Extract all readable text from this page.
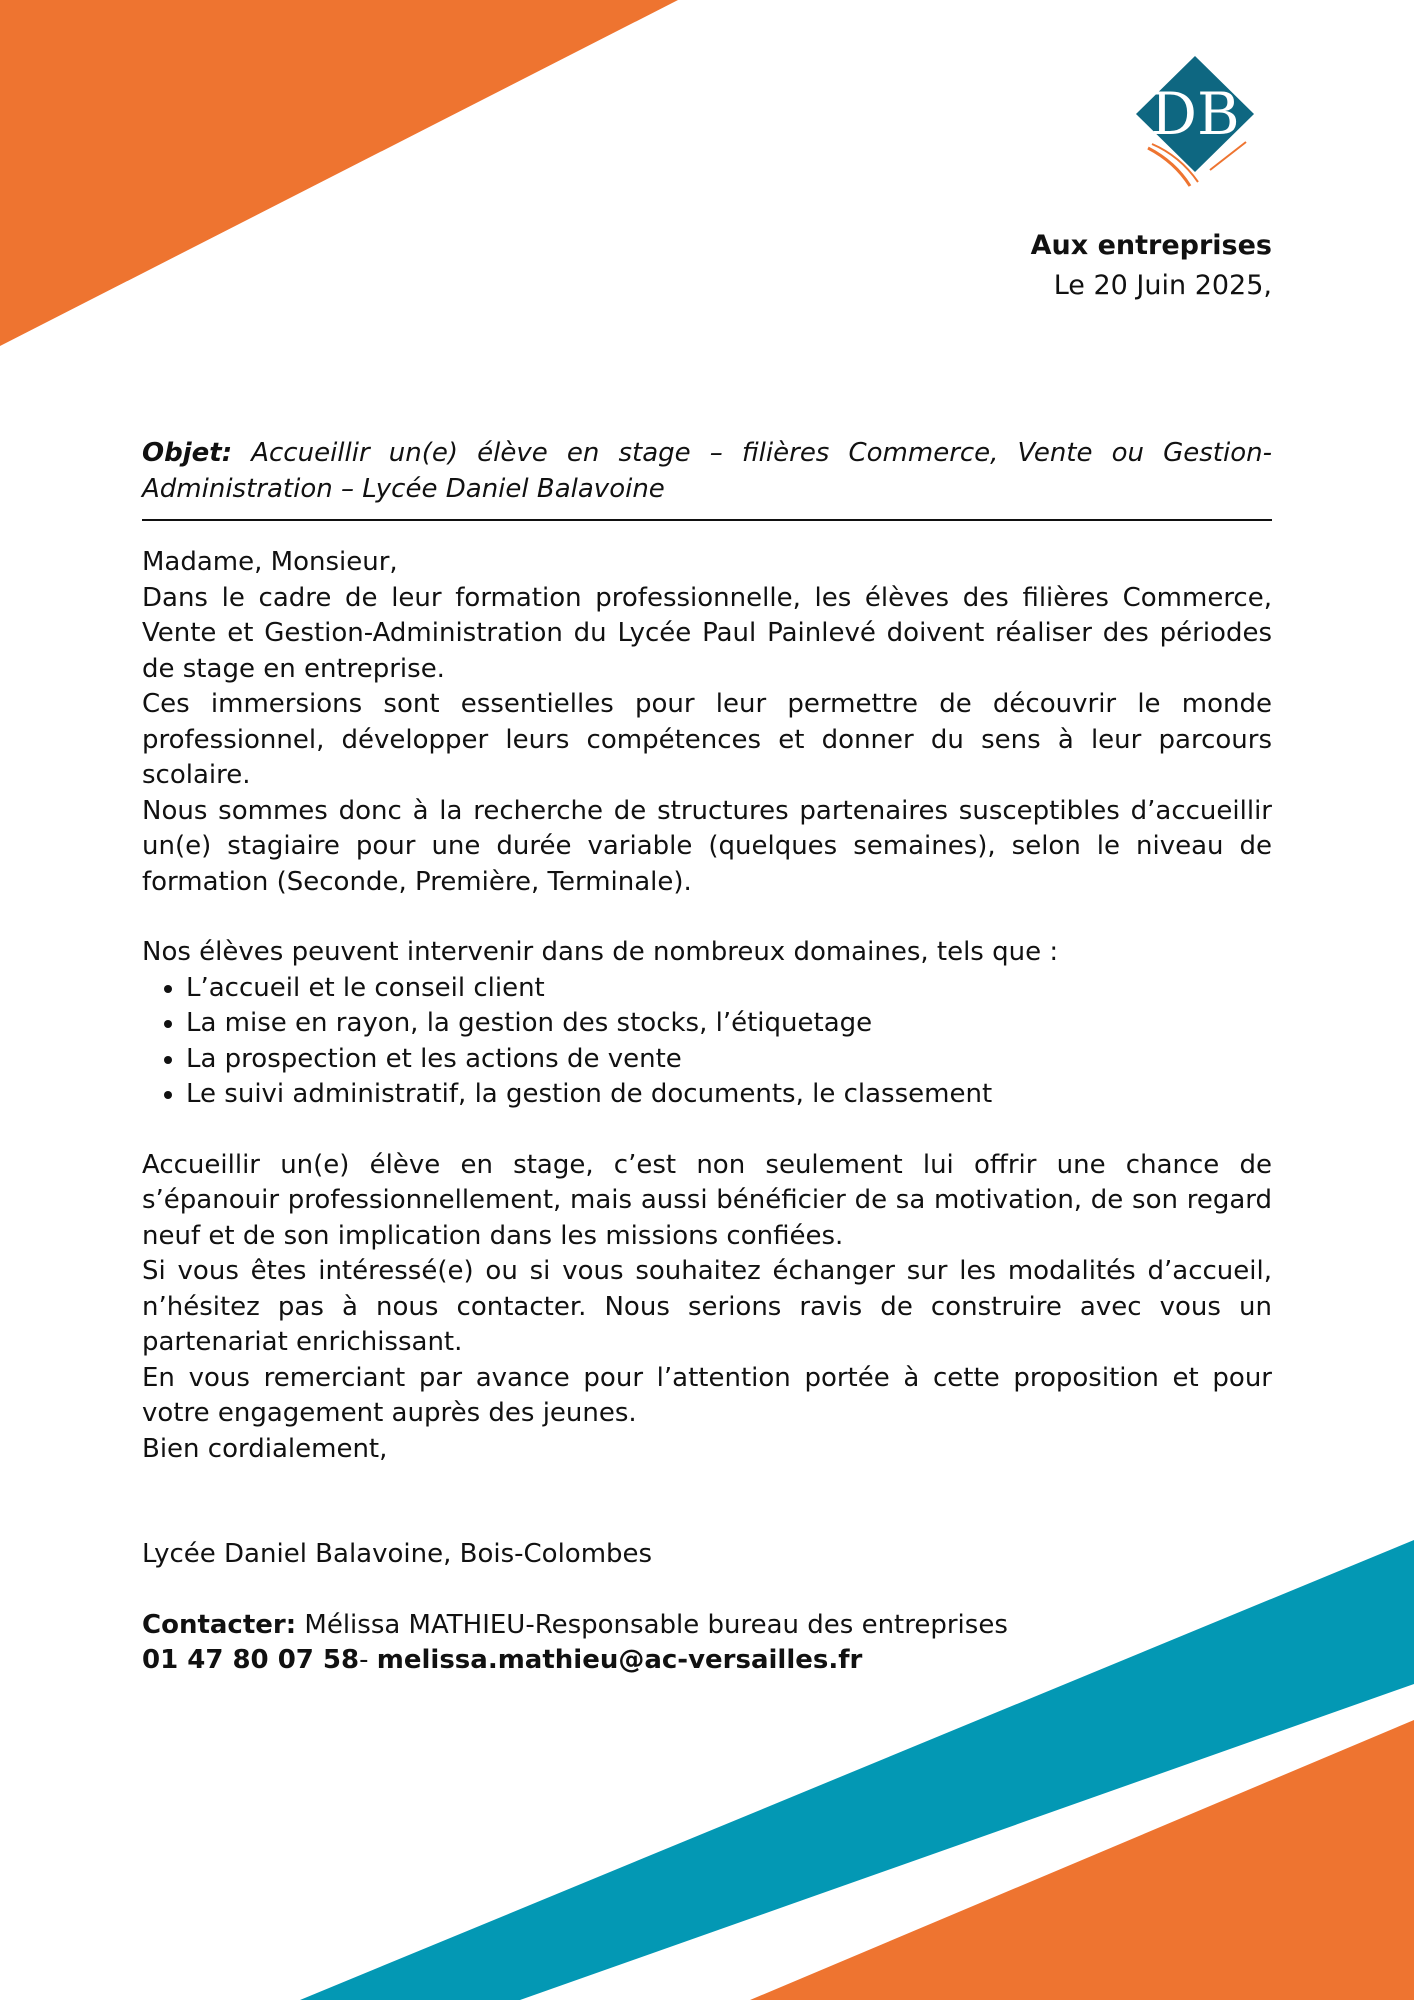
DB
Aux entreprises
Le 20 Juin 2025,
Objet: Accueillir un(e) élève en stage – filières Commerce, Vente ou Gestion-Administration – Lycée Daniel Balavoine

Madame, Monsieur,

Dans le cadre de leur formation professionnelle, les élèves des filières Commerce, Vente et Gestion-Administration du Lycée Paul Painlevé doivent réaliser des périodes de stage en entreprise.

Ces immersions sont essentielles pour leur permettre de découvrir le monde professionnel, développer leurs compétences et donner du sens à leur parcours scolaire.

Nous sommes donc à la recherche de structures partenaires susceptibles d’accueillir un(e) stagiaire pour une durée variable (quelques semaines), selon le niveau de formation (Seconde, Première, Terminale).

Nos élèves peuvent intervenir dans de nombreux domaines, tels que :

• L’accueil et le conseil client
• La mise en rayon, la gestion des stocks, l’étiquetage
• La prospection et les actions de vente
• Le suivi administratif, la gestion de documents, le classement

Accueillir un(e) élève en stage, c’est non seulement lui offrir une chance de s’épanouir professionnellement, mais aussi bénéficier de sa motivation, de son regard neuf et de son implication dans les missions confiées.

Si vous êtes intéressé(e) ou si vous souhaitez échanger sur les modalités d’accueil, n’hésitez pas à nous contacter. Nous serions ravis de construire avec vous un partenariat enrichissant.

En vous remerciant par avance pour l’attention portée à cette proposition et pour votre engagement auprès des jeunes.

Bien cordialement,

Lycée Daniel Balavoine, Bois-Colombes

Contacter: Mélissa MATHIEU-Responsable bureau des entreprises

01 47 80 07 58- melissa.mathieu@ac-versailles.fr
